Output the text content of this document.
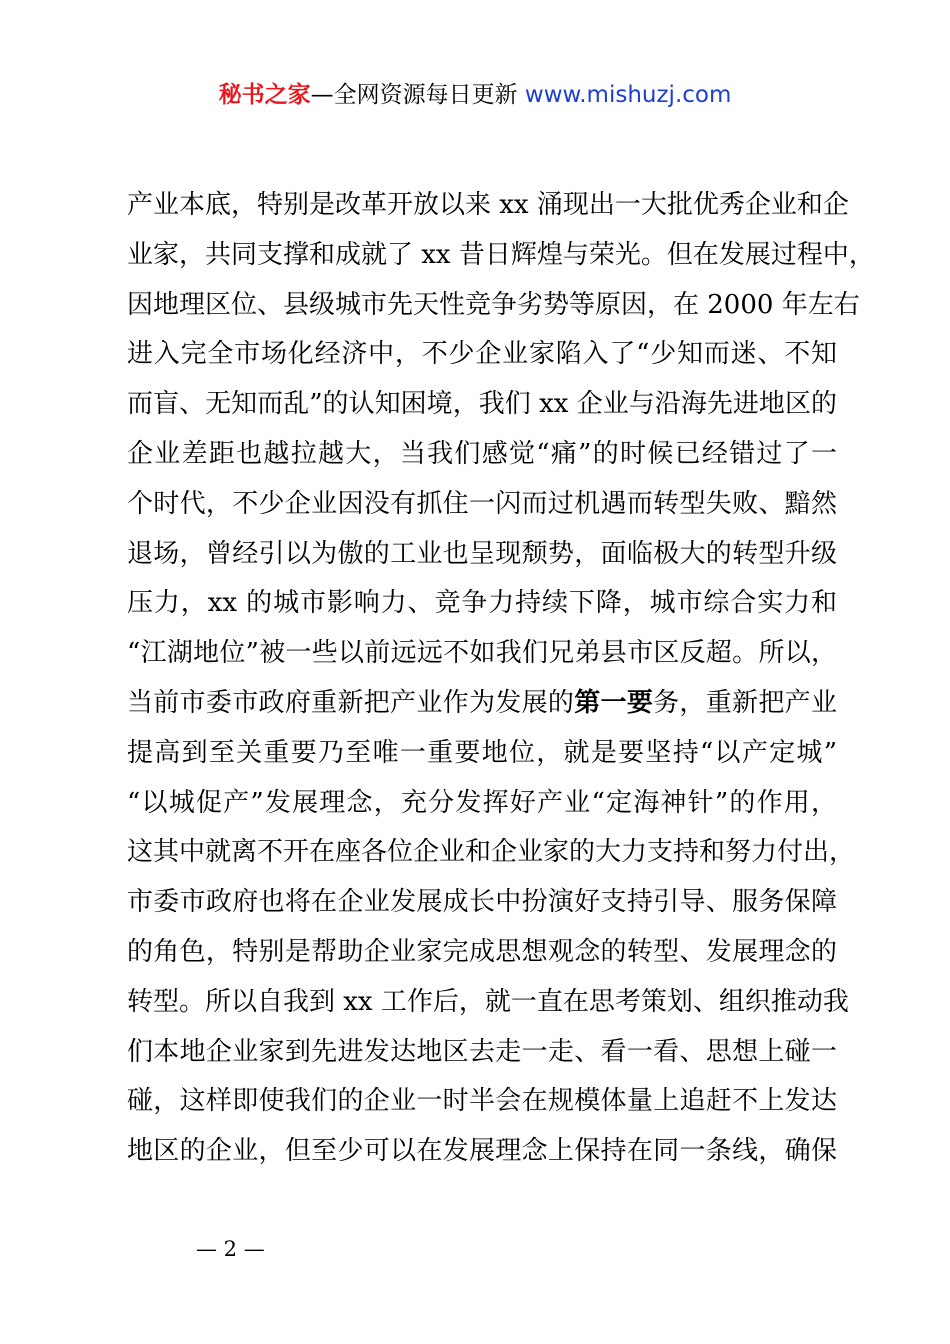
秘书之家—全网资源每日更新 www.mishuzj.com
产业本底，特别是改革开放以来 xx 涌现出一大批优秀企业和企
业家，共同支撑和成就了 xx 昔日辉煌与荣光。但在发展过程中，
因地理区位、县级城市先天性竞争劣势等原因，在 2000 年左右
进入完全市场化经济中，不少企业家陷入了“少知而迷、不知
而盲、无知而乱”的认知困境，我们 xx 企业与沿海先进地区的
企业差距也越拉越大，当我们感觉“痛”的时候已经错过了一
个时代，不少企业因没有抓住一闪而过机遇而转型失败、黯然
退场，曾经引以为傲的工业也呈现颓势，面临极大的转型升级
压力，xx 的城市影响力、竞争力持续下降，城市综合实力和
“江湖地位”被一些以前远远不如我们兄弟县市区反超。所以，
当前市委市政府重新把产业作为发展的第一要务，重新把产业
提高到至关重要乃至唯一重要地位，就是要坚持“以产定城”
“以城促产”发展理念，充分发挥好产业“定海神针”的作用，
这其中就离不开在座各位企业和企业家的大力支持和努力付出，
市委市政府也将在企业发展成长中扮演好支持引导、服务保障
的角色，特别是帮助企业家完成思想观念的转型、发展理念的
转型。所以自我到 xx 工作后，就一直在思考策划、组织推动我
们本地企业家到先进发达地区去走一走、看一看、思想上碰一
碰，这样即使我们的企业一时半会在规模体量上追赶不上发达
地区的企业，但至少可以在发展理念上保持在同一条线，确保
— 2 —
